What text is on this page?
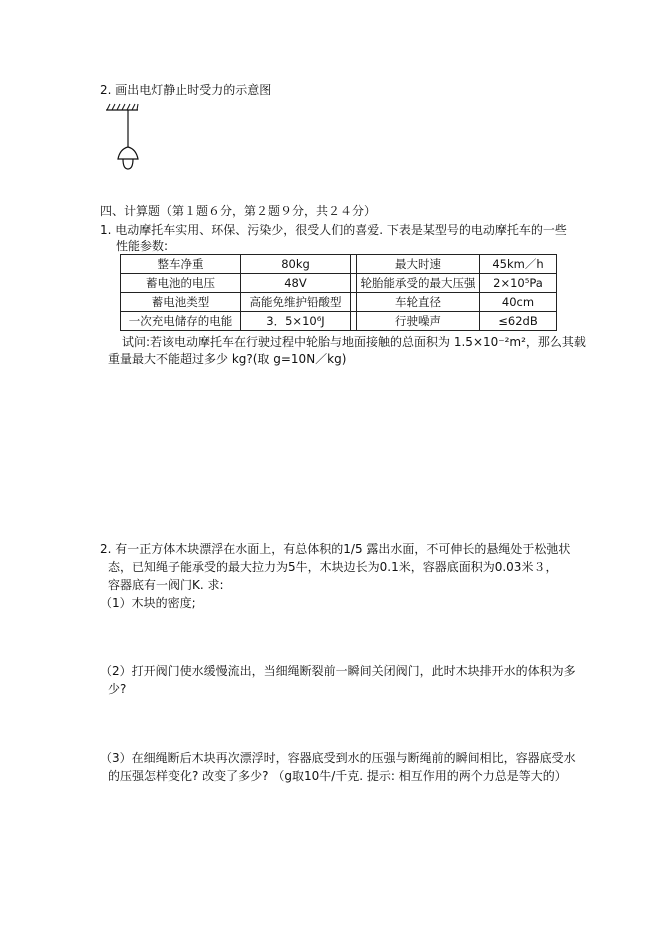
2. 画出电灯静止时受力的示意图
四、计算题（第１题６分，第２题９分，共２４分）
1. 电动摩托车实用、环保、污染少，很受人们的喜爱. 下表是某型号的电动摩托车的一些
性能参数:
整车净重	80kg		最大时速	45km／h
蓄电池的电压	48V		轮胎能承受的最大压强	2×10⁵Pa
蓄电池类型	高能免维护铅酸型		车轮直径	40cm
一次充电储存的电能	3．5×10⁶J		行驶噪声	≤62dB
试问:若该电动摩托车在行驶过程中轮胎与地面接触的总面积为 1.5×10⁻²m²，那么其载
重量最大不能超过多少 kg?(取 g=10N／kg)
2. 有一正方体木块漂浮在水面上，有总体积的1/5 露出水面，不可伸长的悬绳处于松弛状
态，已知绳子能承受的最大拉力为5牛，木块边长为0.1米，容器底面积为0.03米３，
容器底有一阀门K. 求:
（1）木块的密度;
（2）打开阀门使水缓慢流出，当细绳断裂前一瞬间关闭阀门，此时木块排开水的体积为多
少?
（3）在细绳断后木块再次漂浮时，容器底受到水的压强与断绳前的瞬间相比，容器底受水
的压强怎样变化? 改变了多少? （g取10牛/千克. 提示: 相互作用的两个力总是等大的）
